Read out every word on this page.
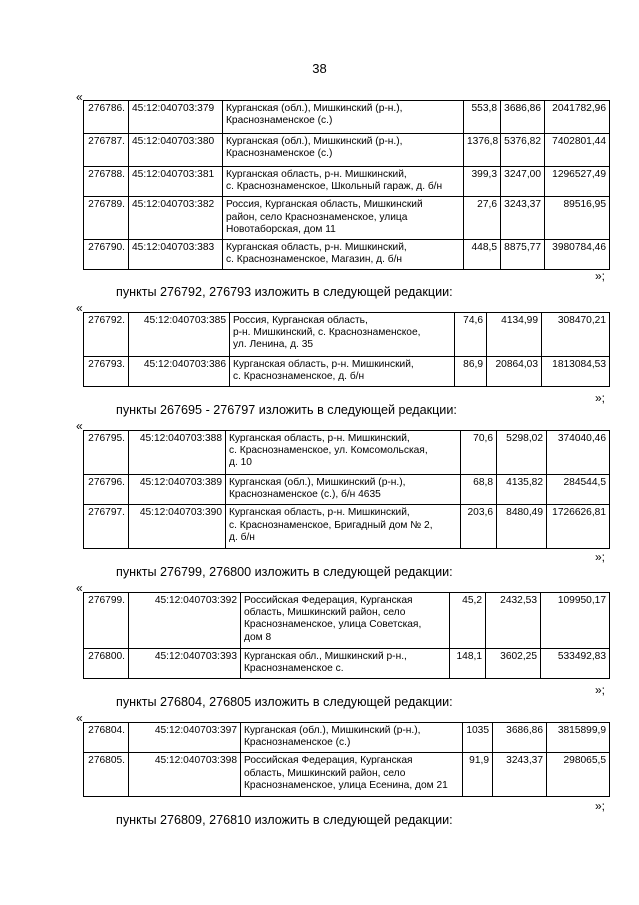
38
«
276786.	45:12:040703:379	Курганская (обл.), Мишкинский (р-н.),
Краснознаменское (с.)	553,8	3686,86	2041782,96
276787.	45:12:040703:380	Курганская (обл.), Мишкинский (р-н.),
Краснознаменское (с.)	1376,8	5376,82	7402801,44
276788.	45:12:040703:381	Курганская область, р-н. Мишкинский,
с. Краснознаменское, Школьный гараж, д. б/н	399,3	3247,00	1296527,49
276789.	45:12:040703:382	Россия, Курганская область, Мишкинский
район, село Краснознаменское, улица
Новотаборская, дом 11	27,6	3243,37	89516,95
276790.	45:12:040703:383	Курганская область, р-н. Мишкинский,
с. Краснознаменское, Магазин, д. б/н	448,5	8875,77	3980784,46
»;
пункты 276792, 276793 изложить в следующей редакции:
«
276792.	45:12:040703:385	Россия, Курганская область,
р-н. Мишкинский, с. Краснознаменское,
ул. Ленина, д. 35	74,6	4134,99	308470,21
276793.	45:12:040703:386	Курганская область, р-н. Мишкинский,
с. Краснознаменское, д. б/н	86,9	20864,03	1813084,53
»;
пункты 267695 - 276797 изложить в следующей редакции:
«
276795.	45:12:040703:388	Курганская область, р-н. Мишкинский,
с. Краснознаменское, ул. Комсомольская,
д. 10	70,6	5298,02	374040,46
276796.	45:12:040703:389	Курганская (обл.), Мишкинский (р-н.),
Краснознаменское (с.), б/н 4635	68,8	4135,82	284544,5
276797.	45:12:040703:390	Курганская область, р-н. Мишкинский,
с. Краснознаменское, Бригадный дом № 2,
д. б/н	203,6	8480,49	1726626,81
»;
пункты 276799, 276800 изложить в следующей редакции:
«
276799.	45:12:040703:392	Российская Федерация, Курганская
область, Мишкинский район, село
Краснознаменское, улица Советская,
дом 8	45,2	2432,53	109950,17
276800.	45:12:040703:393	Курганская обл., Мишкинский р-н.,
Краснознаменское с.	148,1	3602,25	533492,83
»;
пункты 276804, 276805 изложить в следующей редакции:
«
276804.	45:12:040703:397	Курганская (обл.), Мишкинский (р-н.),
Краснознаменское (с.)	1035	3686,86	3815899,9
276805.	45:12:040703:398	Российская Федерация, Курганская
область, Мишкинский район, село
Краснознаменское, улица Есенина, дом 21	91,9	3243,37	298065,5
»;
пункты 276809, 276810 изложить в следующей редакции:
